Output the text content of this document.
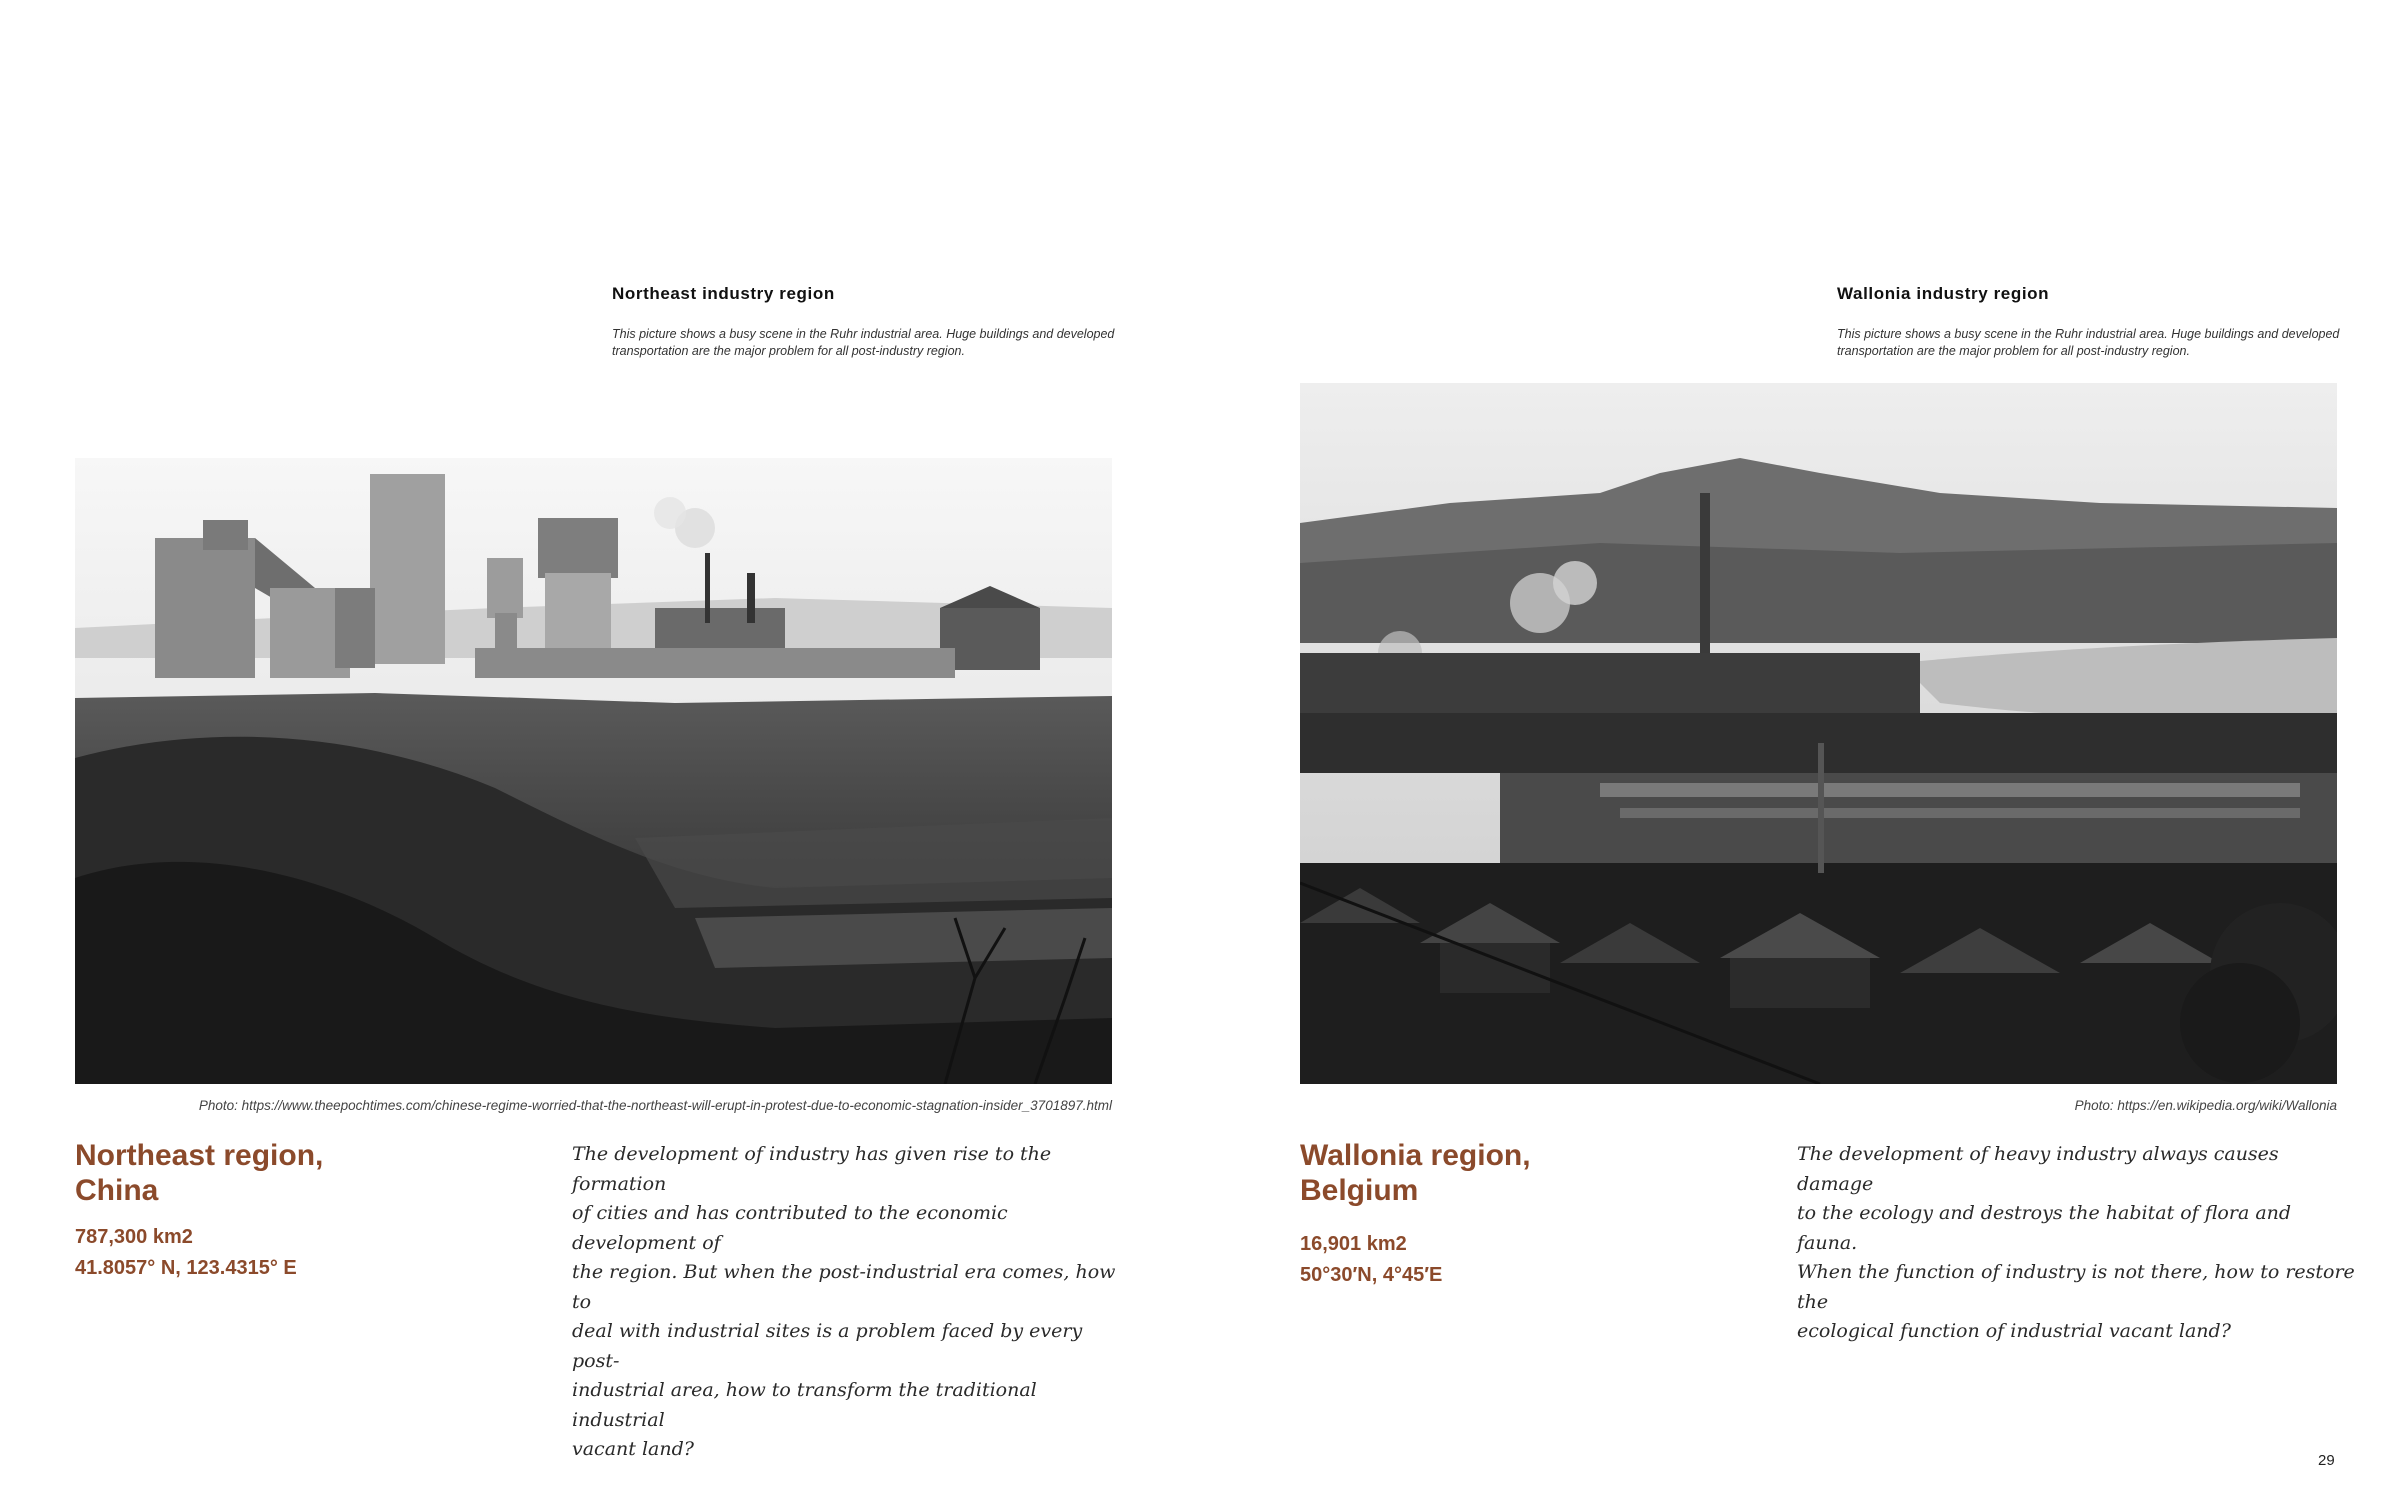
Northeast industry region

This picture shows a busy scene in the Ruhr industrial area. Huge buildings and developed
transportation are the major problem for all post-industry region.

Photo: https://www.theepochtimes.com/chinese-regime-worried-that-the-northeast-will-erupt-in-protest-due-to-economic-stagnation-insider_3701897.html

Northeast region,
China

787,300 km2

41.8057° N, 123.4315° E

The development of industry has given rise to the formation
of cities and has contributed to the economic development of
the region. But when the post-industrial era comes, how to
deal with industrial sites is a problem faced by every post-
industrial area, how to transform the traditional industrial
vacant land?

Wallonia industry region

This picture shows a busy scene in the Ruhr industrial area. Huge buildings and developed
transportation are the major problem for all post-industry region.

Photo: https://en.wikipedia.org/wiki/Wallonia

Wallonia region,
Belgium

16,901 km2

50°30′N, 4°45′E

The development of heavy industry always causes damage
to the ecology and destroys the habitat of flora and fauna.
When the function of industry is not there, how to restore the
ecological function of industrial vacant land?

29
